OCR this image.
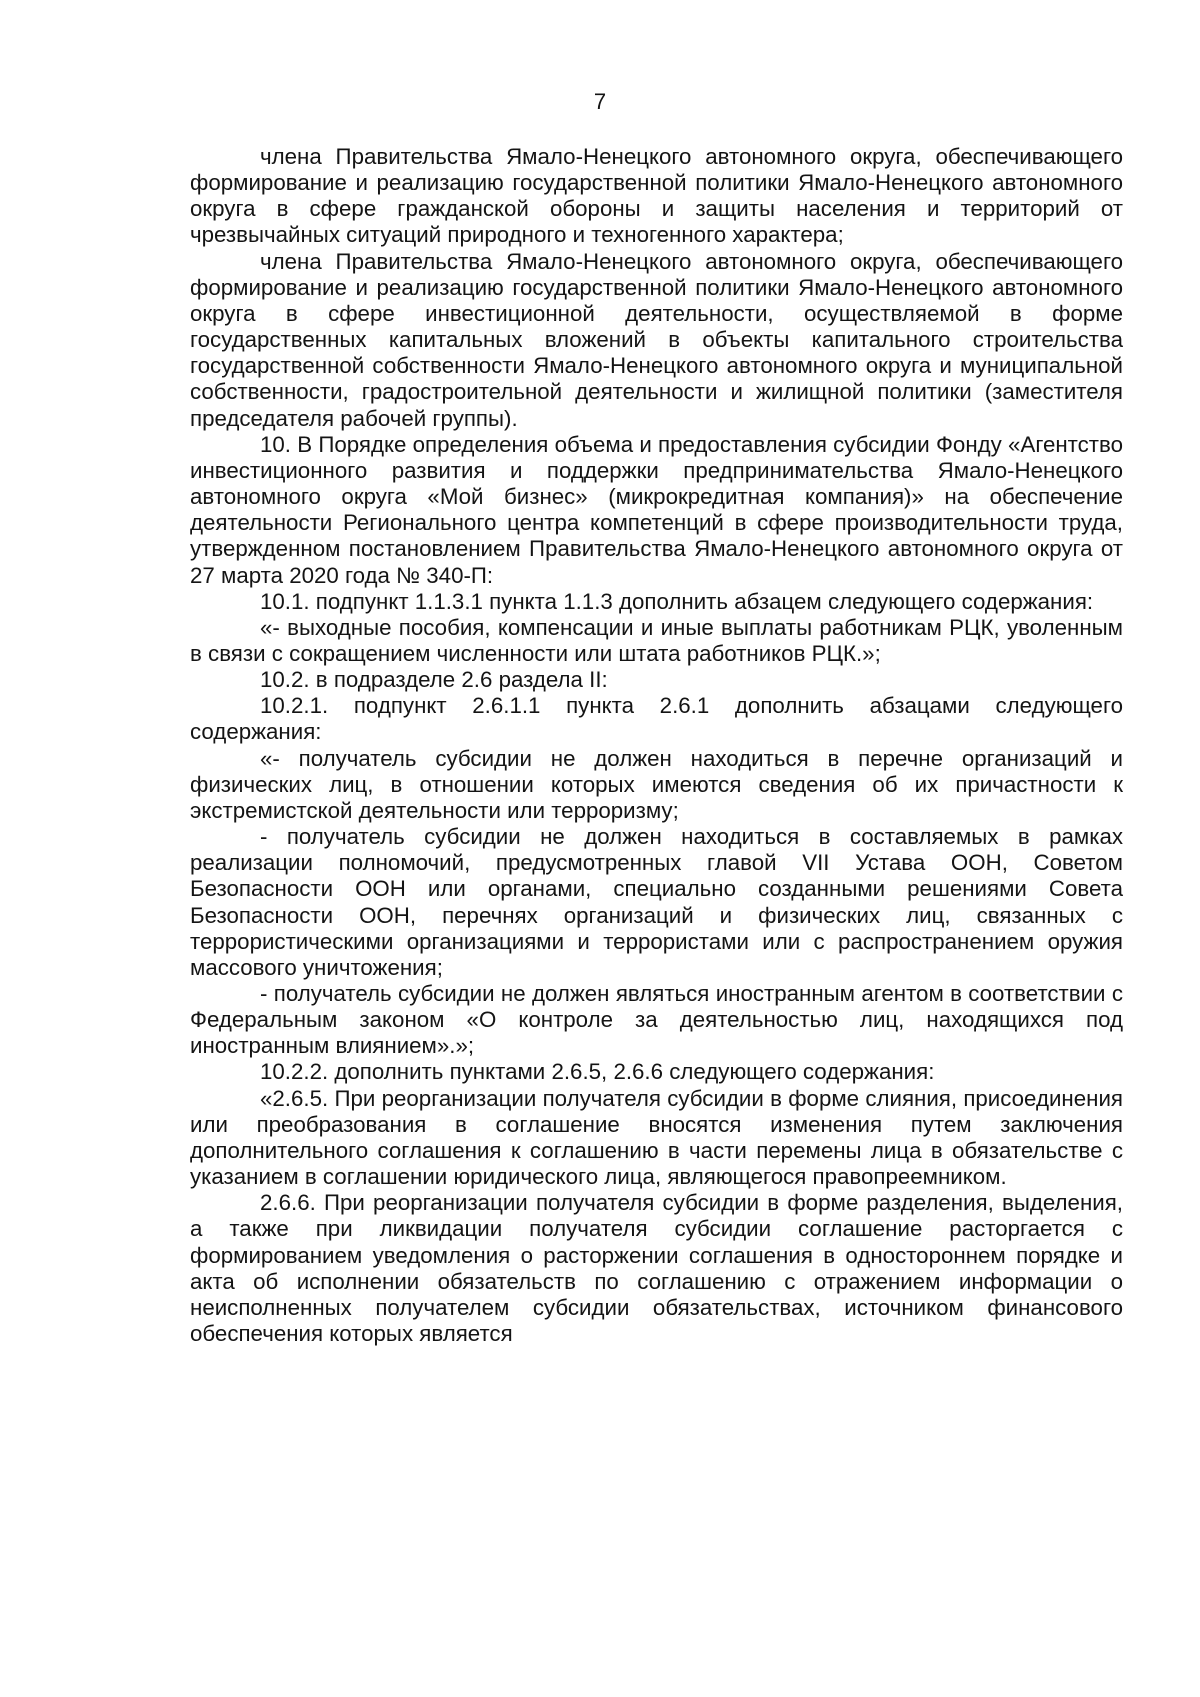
7

члена Правительства Ямало-Ненецкого автономного округа, обеспечивающего формирование и реализацию государственной политики Ямало-Ненецкого автономного округа в сфере гражданской обороны и защиты населения и территорий от чрезвычайных ситуаций природного и техногенного характера;

члена Правительства Ямало-Ненецкого автономного округа, обеспечивающего формирование и реализацию государственной политики Ямало-Ненецкого автономного округа в сфере инвестиционной деятельности, осуществляемой в форме государственных капитальных вложений в объекты капитального строительства государственной собственности Ямало-Ненецкого автономного округа и муниципальной собственности, градостроительной деятельности и жилищной политики (заместителя председателя рабочей группы).

10. В Порядке определения объема и предоставления субсидии Фонду «Агентство инвестиционного развития и поддержки предпринимательства Ямало-Ненецкого автономного округа «Мой бизнес» (микрокредитная компания)» на обеспечение деятельности Регионального центра компетенций в сфере производительности труда, утвержденном постановлением Правительства Ямало-Ненецкого автономного округа от 27 марта 2020 года № 340-П:

10.1. подпункт 1.1.3.1 пункта 1.1.3 дополнить абзацем следующего содержания:

«- выходные пособия, компенсации и иные выплаты работникам РЦК, уволенным в связи с сокращением численности или штата работников РЦК.»;

10.2. в подразделе 2.6 раздела II:

10.2.1. подпункт 2.6.1.1 пункта 2.6.1 дополнить абзацами следующего содержания:

«- получатель субсидии не должен находиться в перечне организаций и физических лиц, в отношении которых имеются сведения об их причастности к экстремистской деятельности или терроризму;

- получатель субсидии не должен находиться в составляемых в рамках реализации полномочий, предусмотренных главой VII Устава ООН, Советом Безопасности ООН или органами, специально созданными решениями Совета Безопасности ООН, перечнях организаций и физических лиц, связанных с террористическими организациями и террористами или с распространением оружия массового уничтожения;

- получатель субсидии не должен являться иностранным агентом в соответствии с Федеральным законом «О контроле за деятельностью лиц, находящихся под иностранным влиянием».»;

10.2.2. дополнить пунктами 2.6.5, 2.6.6 следующего содержания:

«2.6.5. При реорганизации получателя субсидии в форме слияния, присоединения или преобразования в соглашение вносятся изменения путем заключения дополнительного соглашения к соглашению в части перемены лица в обязательстве с указанием в соглашении юридического лица, являющегося правопреемником.

2.6.6. При реорганизации получателя субсидии в форме разделения, выделения, а также при ликвидации получателя субсидии соглашение расторгается с формированием уведомления о расторжении соглашения в одностороннем порядке и акта об исполнении обязательств по соглашению с отражением информации о неисполненных получателем субсидии обязательствах, источником финансового обеспечения которых является
